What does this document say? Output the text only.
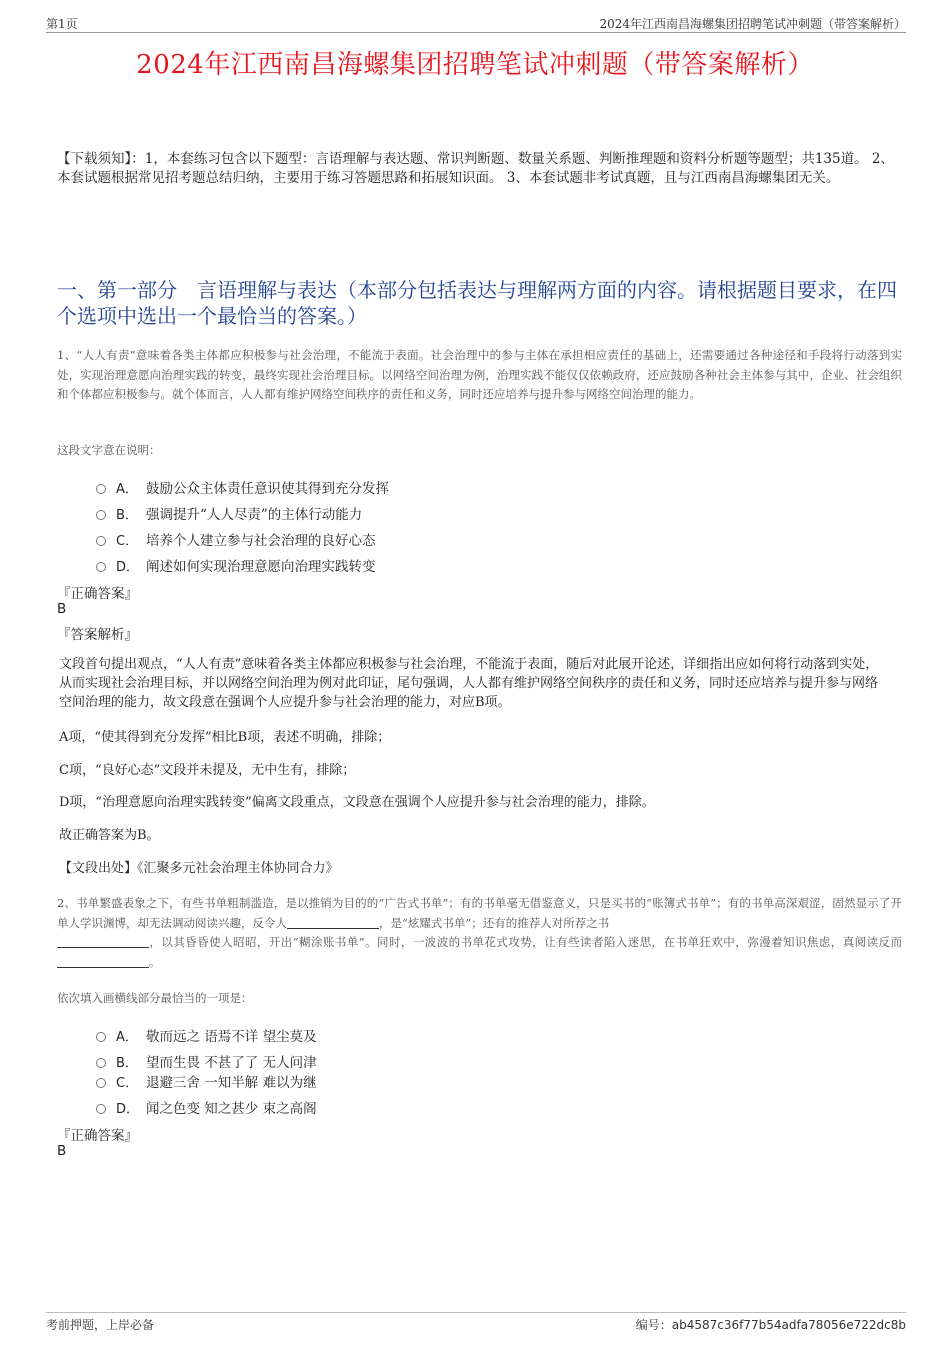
第1页	2024年江西南昌海螺集团招聘笔试冲刺题（带答案解析）
2024年江西南昌海螺集团招聘笔试冲刺题（带答案解析）
【下载须知】：1，本套练习包含以下题型：言语理解与表达题、常识判断题、数量关系题、判断推理题和资料分析题等题型；共135道。 2、本套试题根据常见招考题总结归纳，主要用于练习答题思路和拓展知识面。 3、本套试题非考试真题，且与江西南昌海螺集团无关。
一、第一部分　言语理解与表达（本部分包括表达与理解两方面的内容。请根据题目要求，在四个选项中选出一个最恰当的答案。）
1、“人人有责”意味着各类主体都应积极参与社会治理，不能流于表面。社会治理中的参与主体在承担相应责任的基础上，还需要通过各种途径和手段将行动落到实处，实现治理意愿向治理实践的转变，最终实现社会治理目标。以网络空间治理为例，治理实践不能仅仅依赖政府，还应鼓励各种社会主体参与其中，企业、社会组织和个体都应积极参与。就个体而言，人人都有维护网络空间秩序的责任和义务，同时还应培养与提升参与网络空间治理的能力。
这段文字意在说明：
A． 鼓励公众主体责任意识使其得到充分发挥
B． 强调提升“人人尽责”的主体行动能力
C． 培养个人建立参与社会治理的良好心态
D． 阐述如何实现治理意愿向治理实践转变
『正确答案』
B
『答案解析』
文段首句提出观点，“人人有责”意味着各类主体都应积极参与社会治理，不能流于表面，随后对此展开论述，详细指出应如何将行动落到实处，从而实现社会治理目标，并以网络空间治理为例对此印证，尾句强调，人人都有维护网络空间秩序的责任和义务，同时还应培养与提升参与网络空间治理的能力，故文段意在强调个人应提升参与社会治理的能力，对应B项。
A项，“使其得到充分发挥”相比B项，表述不明确，排除；
C项，“良好心态”文段并未提及，无中生有，排除；
D项，“治理意愿向治理实践转变”偏离文段重点，文段意在强调个人应提升参与社会治理的能力，排除。
故正确答案为B。
【文段出处】《汇聚多元社会治理主体协同合力》
2、书单繁盛表象之下，有些书单粗制滥造，是以推销为目的的“广告式书单”；有的书单毫无借鉴意义，只是买书的“账簿式书单”；有的书单高深艰涩，固然显示了开单人学识渊博，却无法调动阅读兴趣，反令人	，是“炫耀式书单”；还有的推荐人对所荐之书
，以其昏昏使人昭昭，开出“糊涂账书单”。同时，一波波的书单花式攻势，让有些读者陷入迷思，在书单狂欢中，弥漫着知识焦虑，真阅读反而。
依次填入画横线部分最恰当的一项是：
A． 敬而远之 语焉不详 望尘莫及
B． 望而生畏 不甚了了 无人问津
C． 退避三舍 一知半解 难以为继
D． 闻之色变 知之甚少 束之高阁
『正确答案』
B
考前押题，上岸必备	编号：ab4587c36f77b54adfa78056e722dc8b
